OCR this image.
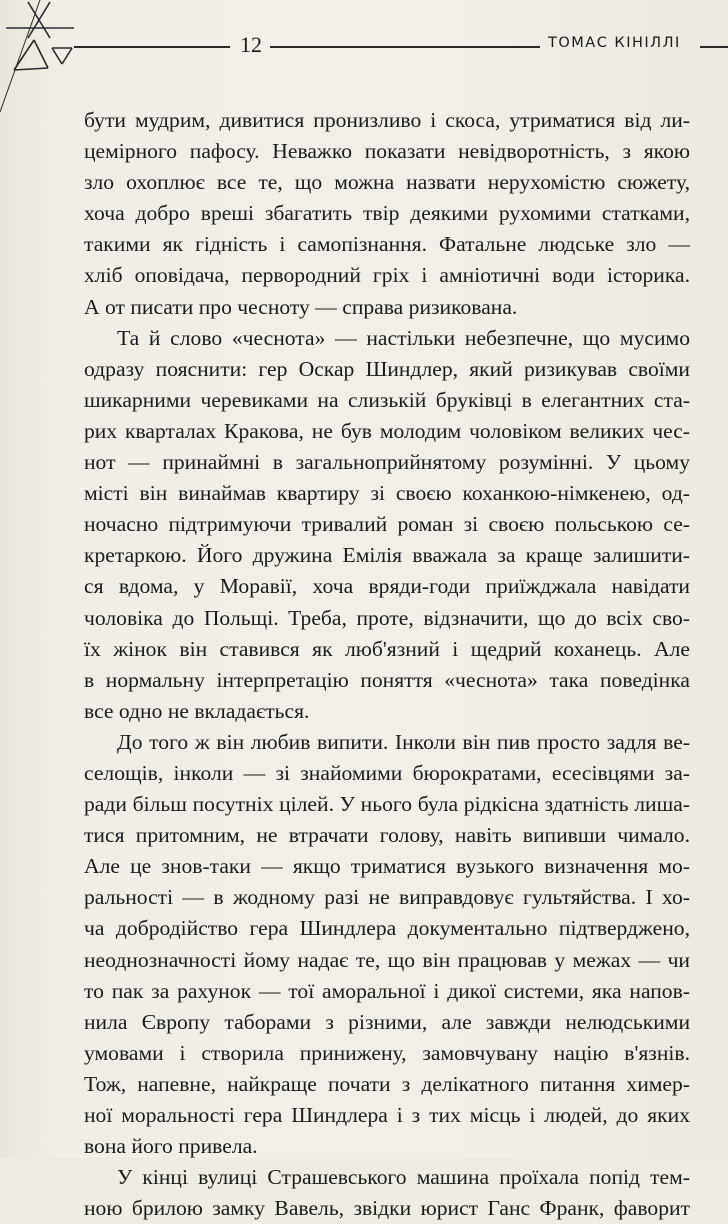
12	ТОМАС КІНІЛЛІ
бути мудрим, дивитися пронизливо і скоса, утриматися від ли-
цемірного пафосу. Неважко показати невідворотність, з якою
зло охоплює все те, що можна назвати нерухомістю сюжету,
хоча добро вреші збагатить твір деякими рухомими статками,
такими як гідність і самопізнання. Фатальне людське зло —
хліб оповідача, первородний гріх і амніотичні води історика.
А от писати про чесноту — справа ризикована.
Та й слово «чеснота» — настільки небезпечне, що мусимо
одразу пояснити: гер Оскар Шиндлер, який ризикував своїми
шикарними черевиками на слизькій бруківці в елегантних ста-
рих кварталах Кракова, не був молодим чоловіком великих чес-
нот — принаймні в загальноприйнятому розумінні. У цьому
місті він винаймав квартиру зі своєю коханкою-німкенею, од-
ночасно підтримуючи тривалий роман зі своєю польською се-
кретаркою. Його дружина Емілія вважала за краще залишити-
ся вдома, у Моравії, хоча вряди-годи приїжджала навідати
чоловіка до Польщі. Треба, проте, відзначити, що до всіх сво-
їх жінок він ставився як люб'язний і щедрий коханець. Але
в нормальну інтерпретацію поняття «чеснота» така поведінка
все одно не вкладається.
До того ж він любив випити. Інколи він пив просто задля ве-
селощів, інколи — зі знайомими бюрократами, есесівцями за-
ради більш посутніх цілей. У нього була рідкісна здатність лиша-
тися притомним, не втрачати голову, навіть випивши чимало.
Але це знов-таки — якщо триматися вузького визначення мо-
ральності — в жодному разі не виправдовує гультяйства. І хо-
ча добродійство гера Шиндлера документально підтверджено,
неоднозначності йому надає те, що він працював у межах — чи
то пак за рахунок — тої аморальної і дикої системи, яка напов-
нила Європу таборами з різними, але завжди нелюдськими
умовами і створила принижену, замовчувану націю в'язнів.
Тож, напевне, найкраще почати з делікатного питання химер-
ної моральності гера Шиндлера і з тих місць і людей, до яких
вона його привела.
У кінці вулиці Страшевського машина проїхала попід тем-
ною брилою замку Вавель, звідки юрист Ганс Франк, фаворит
